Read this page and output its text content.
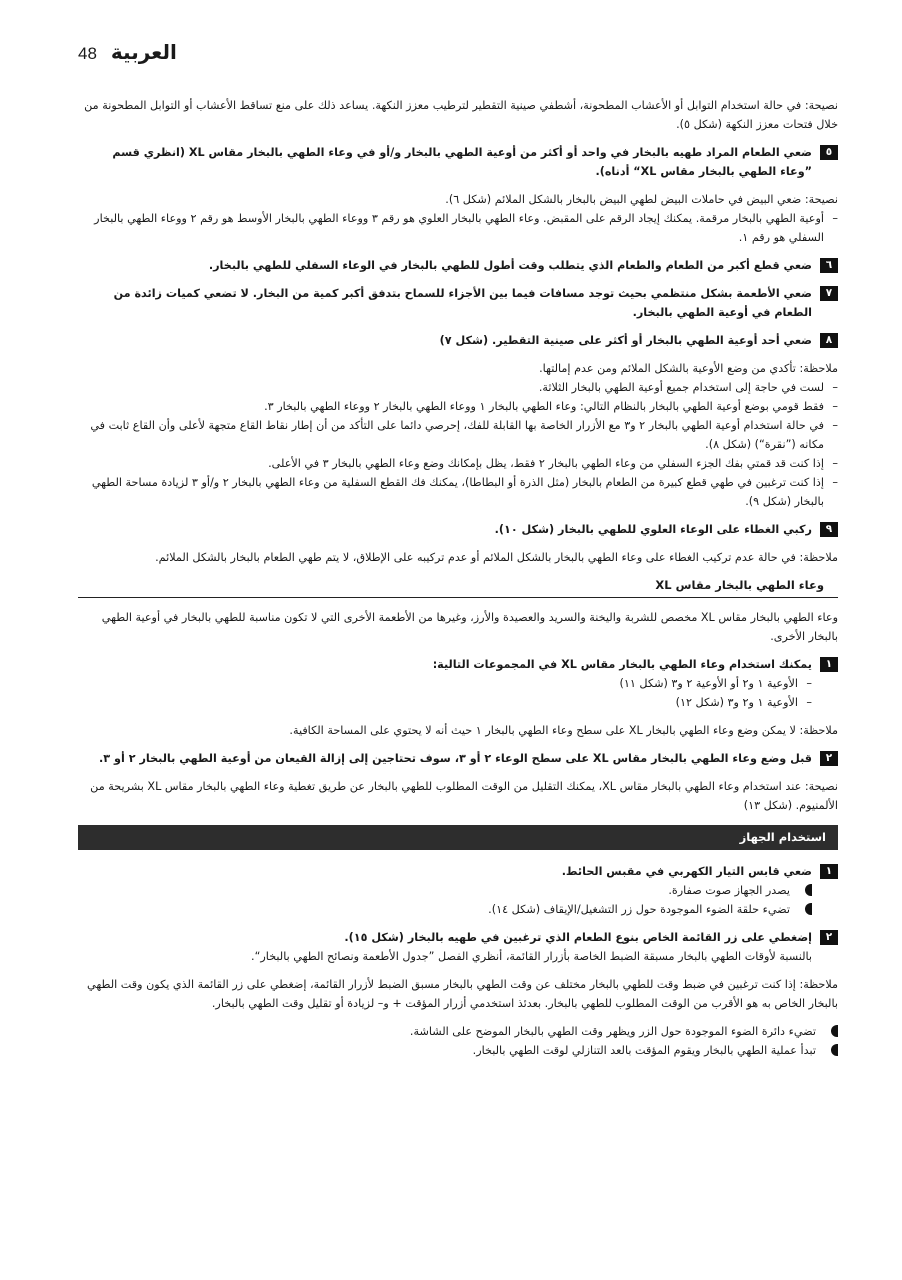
48 العربية

نصيحة: في حالة استخدام التوابل أو الأعشاب المطحونة، أشطفي صينية التقطير لترطيب معزز النكهة. يساعد ذلك على منع تساقط الأعشاب أو التوابل المطحونة من خلال فتحات معزز النكهة (شكل ٥).

٥

ضعي الطعام المراد طهيه بالبخار في واحد أو أكثر من أوعية الطهي بالبخار و/أو في وعاء الطهي بالبخار مقاس XL (انظري قسم ”وعاء الطهي بالبخار مقاس XL“ أدناه).

نصيحة: ضعي البيض في حاملات البيض لطهي البيض بالبخار بالشكل الملائم (شكل ٦).

– أوعية الطهي بالبخار مرقمة. يمكنك إيجاد الرقم على المقبض. وعاء الطهي بالبخار العلوي هو رقم ٣ ووعاء الطهي بالبخار الأوسط هو رقم ٢ ووعاء الطهي بالبخار السفلي هو رقم ١.
٦

ضعي قطع أكبر من الطعام والطعام الذي يتطلب وقت أطول للطهي بالبخار في الوعاء السفلي للطهي بالبخار.

٧

ضعي الأطعمة بشكل منتظمي بحيث توجد مسافات فيما بين الأجزاء للسماح بتدفق أكبر كمية من البخار. لا تضعي كميات زائدة من الطعام في أوعية الطهي بالبخار.

٨

ضعي أحد أوعية الطهي بالبخار أو أكثر على صينية التقطير. (شكل ٧)

ملاحظة: تأكدي من وضع الأوعية بالشكل الملائم ومن عدم إمالتها.

– لست في حاجة إلى استخدام جميع أوعية الطهي بالبخار الثلاثة.
– فقط قومي بوضع أوعية الطهي بالبخار بالنظام التالي: وعاء الطهي بالبخار ١ ووعاء الطهي بالبخار ٢ ووعاء الطهي بالبخار ٣.
– في حالة استخدام أوعية الطهي بالبخار ٢ و٣ مع الأزرار الخاصة بها القابلة للفك، إحرصي دائما على التأكد من أن إطار نقاط القاع متجهة لأعلى وأن القاع ثابت في مكانه (”نقرة“) (شكل ٨).
– إذا كنت قد قمتي بفك الجزء السفلي من وعاء الطهي بالبخار ٢ فقط، يظل بإمكانك وضع وعاء الطهي بالبخار ٣ في الأعلى.
– إذا كنت ترغبين في طهي قطع كبيرة من الطعام بالبخار (مثل الذرة أو البطاطا)، يمكنك فك القطع السفلية من وعاء الطهي بالبخار ٢ و/أو ٣ لزيادة مساحة الطهي بالبخار (شكل ٩).
٩

ركبي الغطاء على الوعاء العلوي للطهي بالبخار (شكل ١٠).

ملاحظة: في حالة عدم تركيب الغطاء على وعاء الطهي بالبخار بالشكل الملائم أو عدم تركيبه على الإطلاق، لا يتم طهي الطعام بالبخار بالشكل الملائم.

وعاء الطهي بالبخار مقاس XL

وعاء الطهي بالبخار مقاس XL مخصص للشربة واليخنة والسريد والعصيدة والأرز، وغيرها من الأطعمة الأخرى التي لا تكون مناسبة للطهي بالبخار في أوعية الطهي بالبخار الأخرى.

١

يمكنك استخدام وعاء الطهي بالبخار مقاس XL في المجموعات التالية:

– الأوعية ١ و٢ أو الأوعية ٢ و٣ (شكل ١١)
– الأوعية ١ و٢ و٣ (شكل ١٢)

ملاحظة: لا يمكن وضع وعاء الطهي بالبخار XL على سطح وعاء الطهي بالبخار ١ حيث أنه لا يحتوي على المساحة الكافية.

٢

قبل وضع وعاء الطهي بالبخار مقاس XL على سطح الوعاء ٢ أو ٣، سوف تحتاجين إلى إزالة القيعان من أوعية الطهي بالبخار ٢ أو ٣.

نصيحة: عند استخدام وعاء الطهي بالبخار مقاس XL، يمكنك التقليل من الوقت المطلوب للطهي بالبخار عن طريق تغطية وعاء الطهي بالبخار مقاس XL بشريحة من الألمنيوم. (شكل ١٣)

استخدام الجهاز
١

ضعي قابس التيار الكهربي في مقبس الحائط.

يصدر الجهاز صوت صفارة.
تضيء حلقة الضوء الموجودة حول زر التشغيل/الإيقاف (شكل ١٤).
٢

إضغطي على زر القائمة الخاص بنوع الطعام الذي ترغبين في طهيه بالبخار (شكل ١٥).

بالنسبة لأوقات الطهي بالبخار مسبقة الضبط الخاصة بأزرار القائمة، أنظري الفصل ”جدول الأطعمة ونصائح الطهي بالبخار“.

ملاحظة: إذا كنت ترغبين في ضبط وقت للطهي بالبخار مختلف عن وقت الطهي بالبخار مسبق الضبط لأزرار القائمة، إضغطي على زر القائمة الذي يكون وقت الطهي بالبخار الخاص به هو الأقرب من الوقت المطلوب للطهي بالبخار. بعدئذ استخدمي أزرار المؤقت + و– لزيادة أو تقليل وقت الطهي بالبخار.

تضيء دائرة الضوء الموجودة حول الزر ويظهر وقت الطهي بالبخار الموضح على الشاشة.
تبدأ عملية الطهي بالبخار ويقوم المؤقت بالعد التنازلي لوقت الطهي بالبخار.
